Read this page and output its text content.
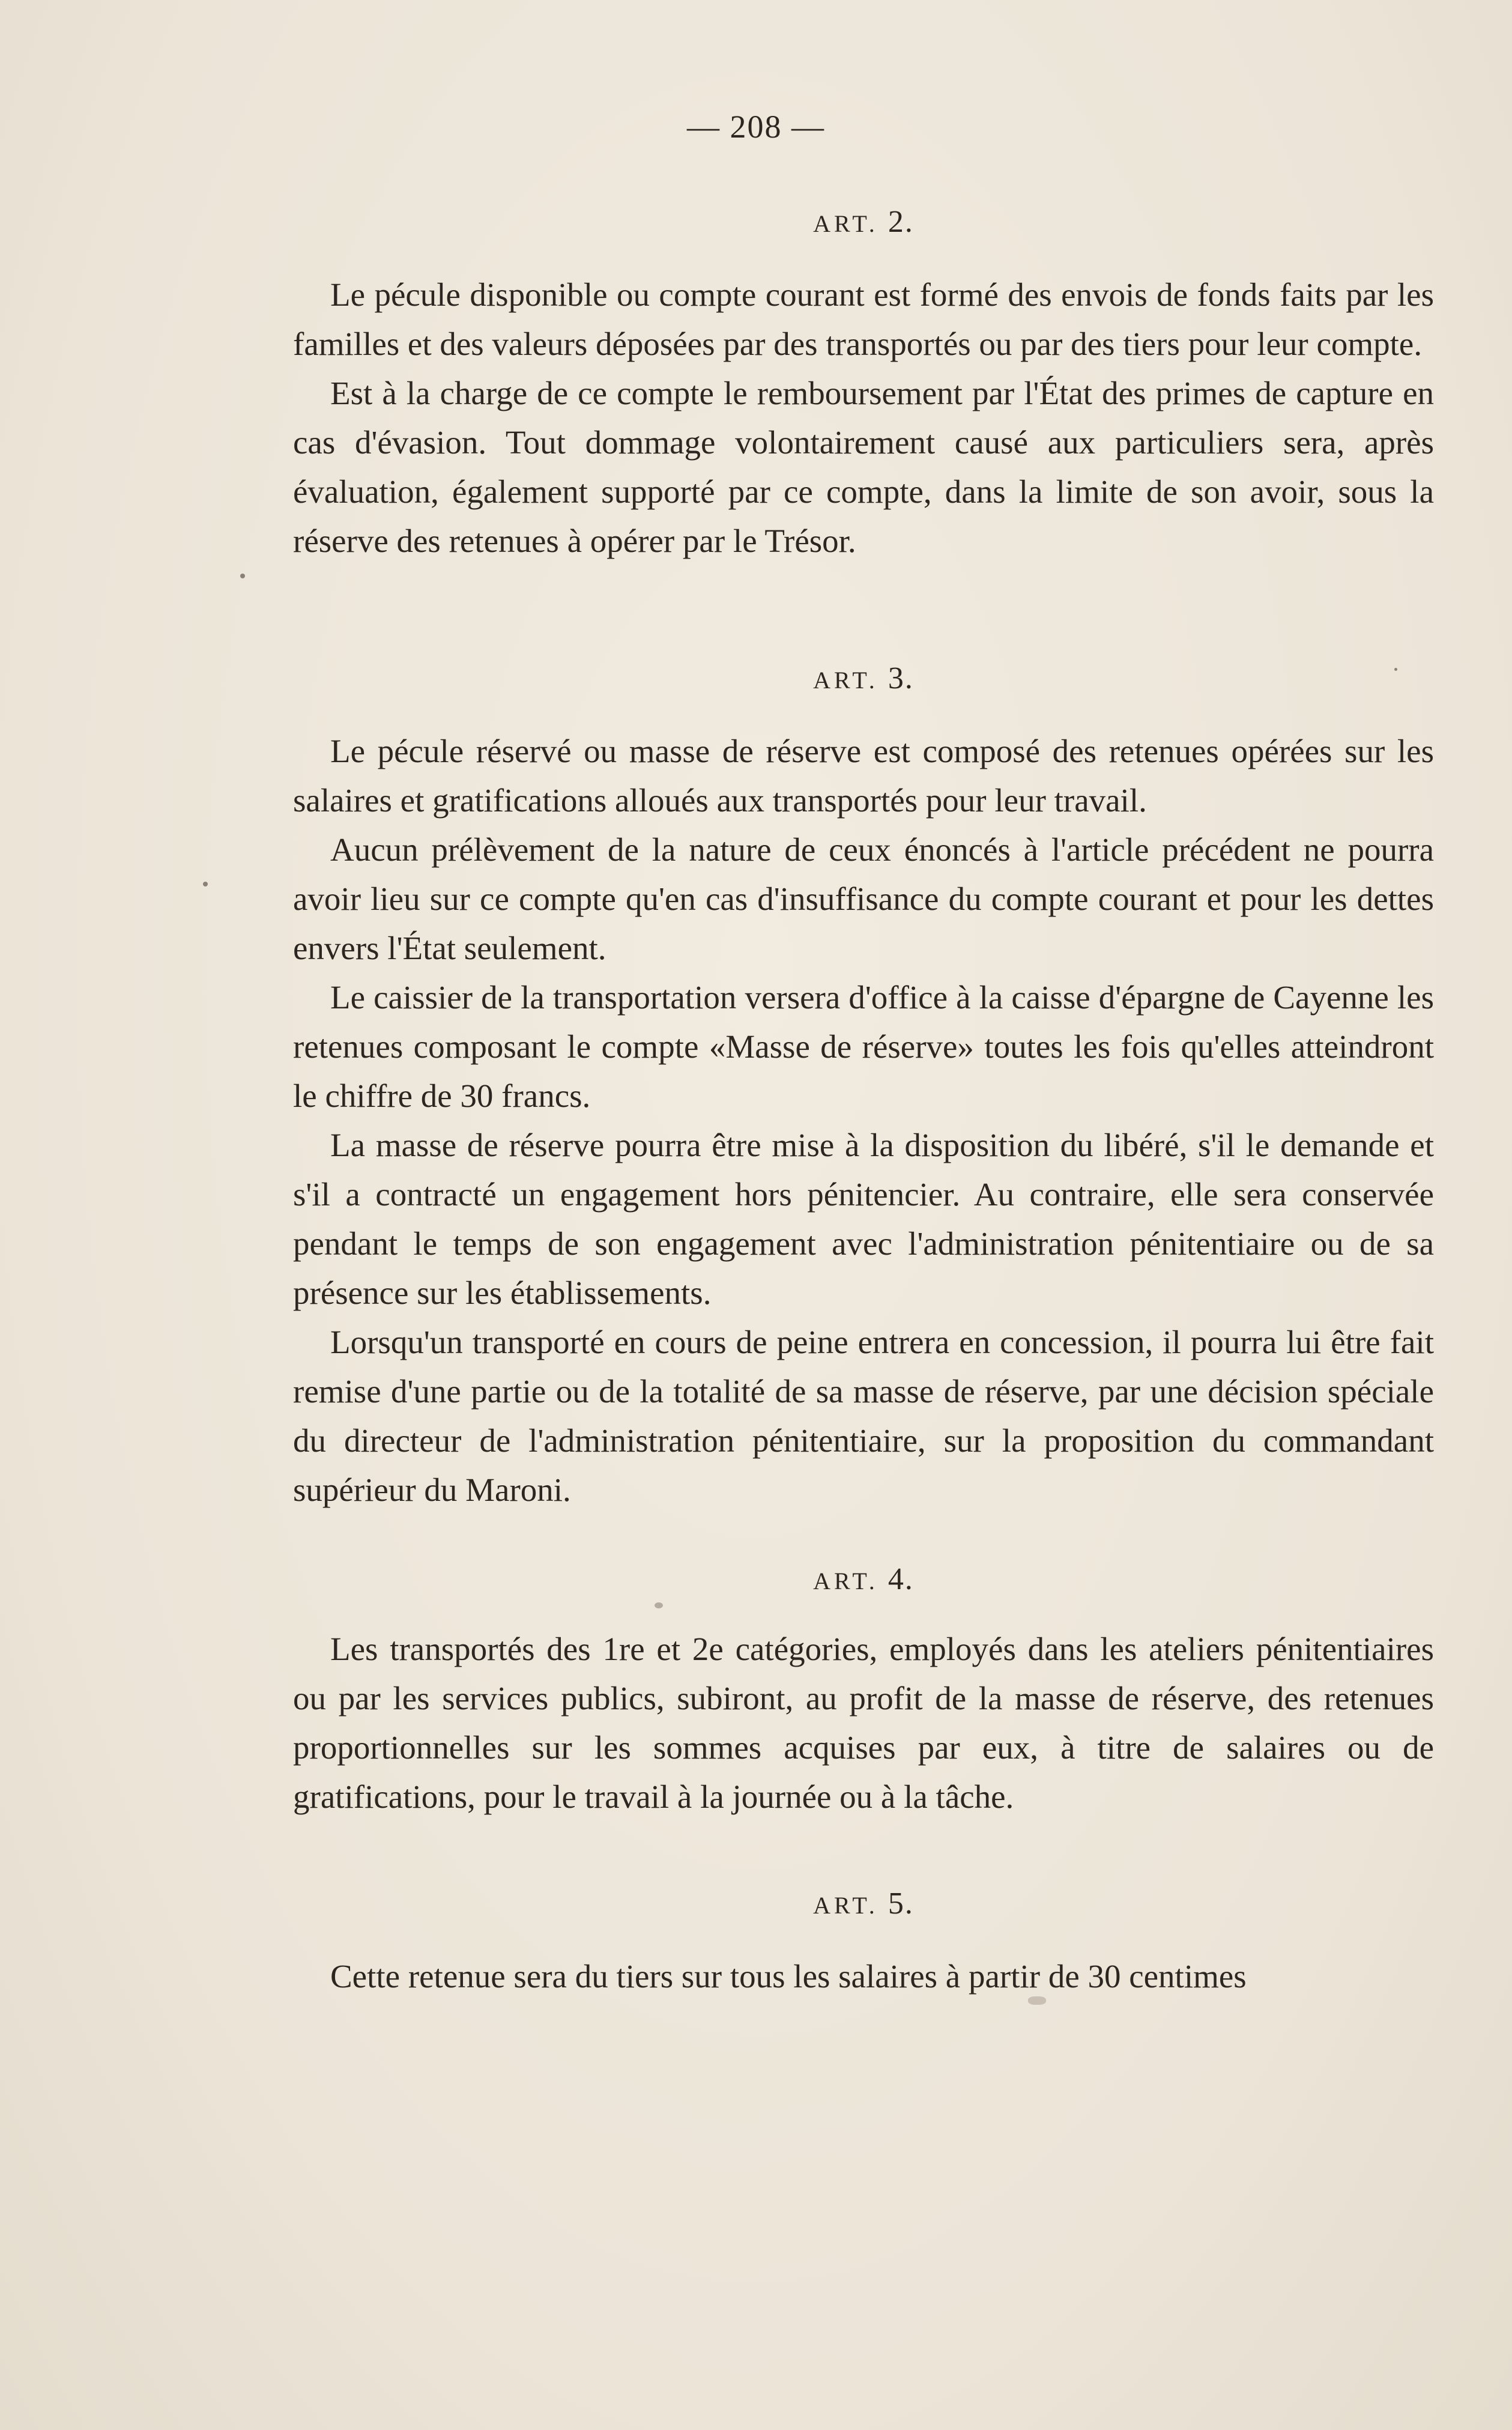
— 208 —
ART. 2.

Le pécule disponible ou compte courant est formé des envois de fonds faits par les familles et des valeurs déposées par des transportés ou par des tiers pour leur compte.

Est à la charge de ce compte le remboursement par l'État des primes de capture en cas d'évasion. Tout dommage volontairement causé aux particuliers sera, après évaluation, également supporté par ce compte, dans la limite de son avoir, sous la réserve des retenues à opérer par le Trésor.

ART. 3.

Le pécule réservé ou masse de réserve est composé des retenues opérées sur les salaires et gratifications alloués aux transportés pour leur travail.

Aucun prélèvement de la nature de ceux énoncés à l'article précédent ne pourra avoir lieu sur ce compte qu'en cas d'insuffisance du compte courant et pour les dettes envers l'État seulement.

Le caissier de la transportation versera d'office à la caisse d'épargne de Cayenne les retenues composant le compte «Masse de réserve» toutes les fois qu'elles atteindront le chiffre de 30 francs.

La masse de réserve pourra être mise à la disposition du libéré, s'il le demande et s'il a contracté un engagement hors pénitencier. Au contraire, elle sera conservée pendant le temps de son engagement avec l'administration pénitentiaire ou de sa présence sur les établissements.

Lorsqu'un transporté en cours de peine entrera en concession, il pourra lui être fait remise d'une partie ou de la totalité de sa masse de réserve, par une décision spéciale du directeur de l'administration pénitentiaire, sur la proposition du commandant supérieur du Maroni.

ART. 4.

Les transportés des 1re et 2e catégories, employés dans les ateliers pénitentiaires ou par les services publics, subiront, au profit de la masse de réserve, des retenues proportionnelles sur les sommes acquises par eux, à titre de salaires ou de gratifications, pour le travail à la journée ou à la tâche.

ART. 5.

Cette retenue sera du tiers sur tous les salaires à partir de 30 centimes
